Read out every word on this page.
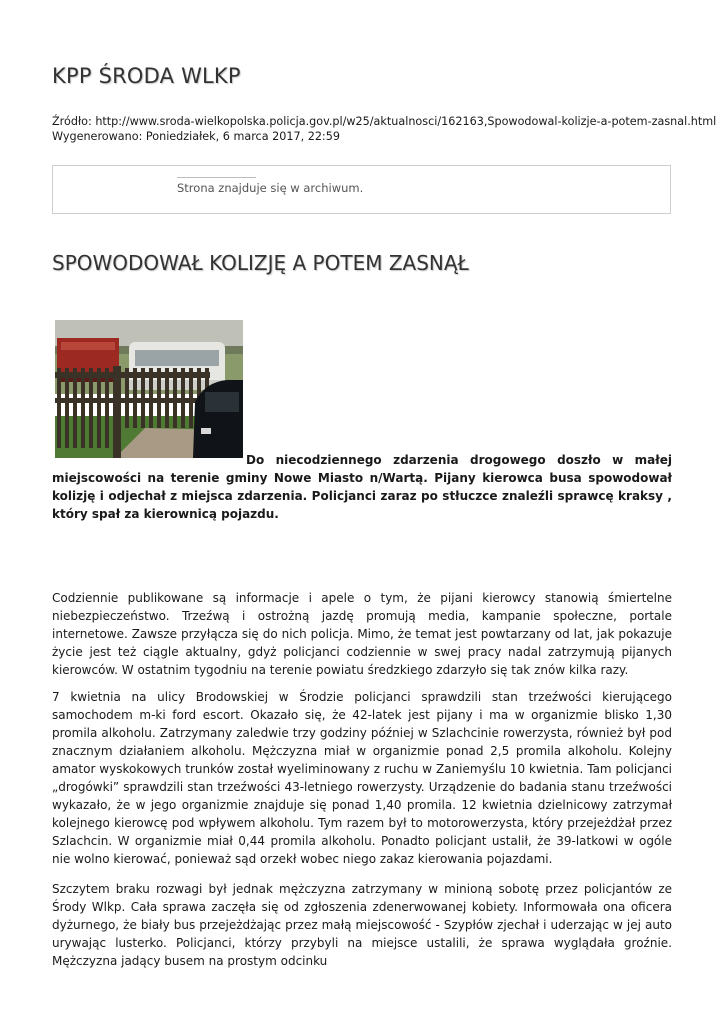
KPP ŚRODA WLKP
Źródło: http://www.sroda-wielkopolska.policja.gov.pl/w25/aktualnosci/162163,Spowodowal-kolizje-a-potem-zasnal.html
Wygenerowano: Poniedziałek, 6 marca 2017, 22:59
Strona znajduje się w archiwum.
SPOWODOWAŁ KOLIZJĘ A POTEM ZASNĄŁ

Do niecodziennego zdarzenia drogowego doszło w małej miejscowości na terenie gminy Nowe Miasto n/Wartą. Pijany kierowca busa spowodował kolizję i odjechał z miejsca zdarzenia. Policjanci zaraz po stłuczce znaleźli sprawcę kraksy , który spał za kierownicą pojazdu.

Codziennie publikowane są informacje i apele o tym, że pijani kierowcy stanowią śmiertelne niebezpieczeństwo. Trzeźwą i ostrożną jazdę promują media, kampanie społeczne, portale internetowe. Zawsze przyłącza się do nich policja. Mimo, że temat jest powtarzany od lat, jak pokazuje życie jest też ciągle aktualny, gdyż policjanci codziennie w swej pracy nadal zatrzymują pijanych kierowców. W ostatnim tygodniu na terenie powiatu średzkiego zdarzyło się tak znów kilka razy.

7 kwietnia na ulicy Brodowskiej w Środzie policjanci sprawdzili stan trzeźwości kierującego samochodem m-ki ford escort. Okazało się, że 42-latek jest pijany i ma w organizmie blisko 1,30 promila alkoholu. Zatrzymany zaledwie trzy godziny później w Szlachcinie rowerzysta, również był pod znacznym działaniem alkoholu. Mężczyzna miał w organizmie ponad 2,5 promila alkoholu. Kolejny amator wyskokowych trunków został wyeliminowany z ruchu w Zaniemyślu 10 kwietnia. Tam policjanci „drogówki” sprawdzili stan trzeźwości 43-letniego rowerzysty. Urządzenie do badania stanu trzeźwości wykazało, że w jego organizmie znajduje się ponad 1,40 promila. 12 kwietnia dzielnicowy zatrzymał kolejnego kierowcę pod wpływem alkoholu. Tym razem był to motorowerzysta, który przejeżdżał przez Szlachcin. W organizmie miał 0,44 promila alkoholu. Ponadto policjant ustalił, że 39-latkowi w ogóle nie wolno kierować, ponieważ sąd orzekł wobec niego zakaz kierowania pojazdami.

Szczytem braku rozwagi był jednak mężczyzna zatrzymany w minioną sobotę przez policjantów ze Środy Wlkp. Cała sprawa zaczęła się od zgłoszenia zdenerwowanej kobiety. Informowała ona oficera dyżurnego, że biały bus przejeżdżając przez małą miejscowość - Szypłów zjechał i uderzając w jej auto urywając lusterko. Policjanci, którzy przybyli na miejsce ustalili, że sprawa wyglądała groźnie. Mężczyzna jadący busem na prostym odcinku
